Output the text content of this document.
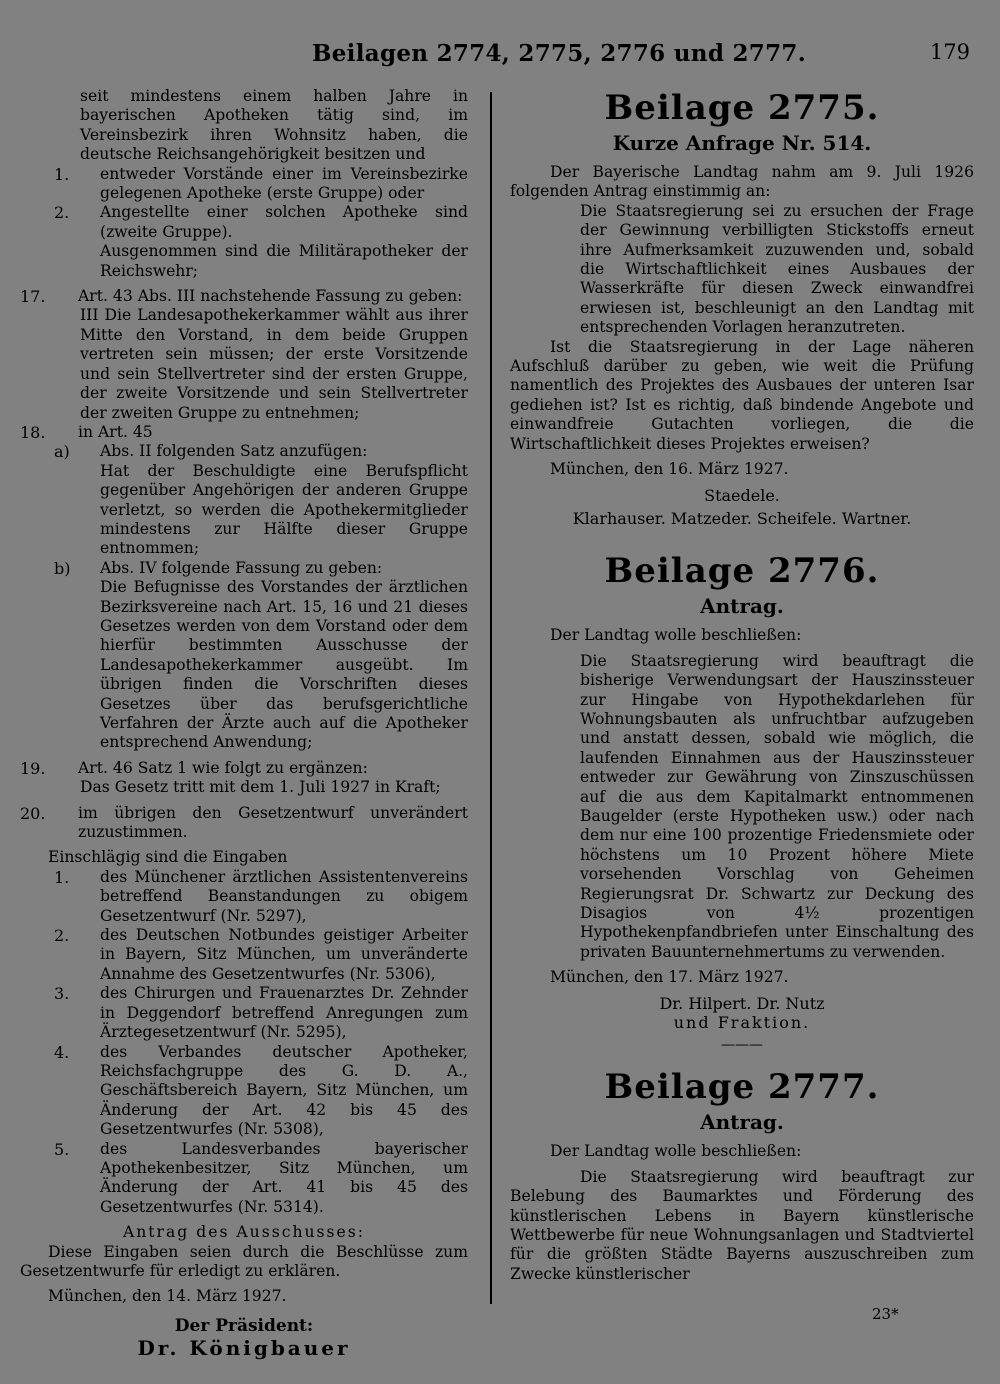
Beilagen 2774, 2775, 2776 und 2777.	179

seit mindestens einem halben Jahre in bayerischen Apotheken tätig sind, im Vereinsbezirk ihren Wohnsitz haben, die deutsche Reichsangehörigkeit besitzen und

1. entweder Vorstände einer im Vereinsbezirke gelegenen Apotheke (erste Gruppe) oder

2. Angestellte einer solchen Apotheke sind (zweite Gruppe).

Ausgenommen sind die Militärapotheker der Reichswehr;

17. Art. 43 Abs. III nachstehende Fassung zu geben:

III Die Landesapothekerkammer wählt aus ihrer Mitte den Vorstand, in dem beide Gruppen vertreten sein müssen; der erste Vorsitzende und sein Stellvertreter sind der ersten Gruppe, der zweite Vorsitzende und sein Stellvertreter der zweiten Gruppe zu entnehmen;

18. in Art. 45

a) Abs. II folgenden Satz anzufügen:

Hat der Beschuldigte eine Berufspflicht gegenüber Angehörigen der anderen Gruppe verletzt, so werden die Apothekermitglieder mindestens zur Hälfte dieser Gruppe entnommen;

b) Abs. IV folgende Fassung zu geben:

Die Befugnisse des Vorstandes der ärztlichen Bezirksvereine nach Art. 15, 16 und 21 dieses Gesetzes werden von dem Vorstand oder dem hierfür bestimmten Ausschusse der Landesapothekerkammer ausgeübt. Im übrigen finden die Vorschriften dieses Gesetzes über das berufsgerichtliche Verfahren der Ärzte auch auf die Apotheker entsprechend Anwendung;

19. Art. 46 Satz 1 wie folgt zu ergänzen:

Das Gesetz tritt mit dem 1. Juli 1927 in Kraft;

20. im übrigen den Gesetzentwurf unverändert zuzustimmen.

Einschlägig sind die Eingaben

1. des Münchener ärztlichen Assistentenvereins betreffend Beanstandungen zu obigem Gesetzentwurf (Nr. 5297),

2. des Deutschen Notbundes geistiger Arbeiter in Bayern, Sitz München, um unveränderte Annahme des Gesetzentwurfes (Nr. 5306),

3. des Chirurgen und Frauenarztes Dr. Zehnder in Deggendorf betreffend Anregungen zum Ärztegesetzentwurf (Nr. 5295),

4. des Verbandes deutscher Apotheker, Reichsfachgruppe des G. D. A., Geschäftsbereich Bayern, Sitz München, um Änderung der Art. 42 bis 45 des Gesetzentwurfes (Nr. 5308),

5. des Landesverbandes bayerischer Apothekenbesitzer, Sitz München, um Änderung der Art. 41 bis 45 des Gesetzentwurfes (Nr. 5314).

Antrag des Ausschusses:

Diese Eingaben seien durch die Beschlüsse zum Gesetzentwurfe für erledigt zu erklären.

München, den 14. März 1927.

Der Präsident:

Dr. Königbauer

Beilage 2775.
Kurze Anfrage Nr. 514.

Der Bayerische Landtag nahm am 9. Juli 1926 folgenden Antrag einstimmig an:

Die Staatsregierung sei zu ersuchen der Frage der Gewinnung verbilligten Stickstoffs erneut ihre Aufmerksamkeit zuzuwenden und, sobald die Wirtschaftlichkeit eines Ausbaues der Wasserkräfte für diesen Zweck einwandfrei erwiesen ist, beschleunigt an den Landtag mit entsprechenden Vorlagen heranzutreten.

Ist die Staatsregierung in der Lage näheren Aufschluß darüber zu geben, wie weit die Prüfung namentlich des Projektes des Ausbaues der unteren Isar gediehen ist? Ist es richtig, daß bindende Angebote und einwandfreie Gutachten vorliegen, die die Wirtschaftlichkeit dieses Projektes erweisen?

München, den 16. März 1927.

Staedele.

Klarhauser. Matzeder. Scheifele. Wartner.

Beilage 2776.
Antrag.

Der Landtag wolle beschließen:

Die Staatsregierung wird beauftragt die bisherige Verwendungsart der Hauszinssteuer zur Hingabe von Hypothekdarlehen für Wohnungsbauten als unfruchtbar aufzugeben und anstatt dessen, sobald wie möglich, die laufenden Einnahmen aus der Hauszinssteuer entweder zur Gewährung von Zinszuschüssen auf die aus dem Kapitalmarkt entnommenen Baugelder (erste Hypotheken usw.) oder nach dem nur eine 100 prozentige Friedensmiete oder höchstens um 10 Prozent höhere Miete vorsehenden Vorschlag von Geheimen Regierungsrat Dr. Schwartz zur Deckung des Disagios von 4½ prozentigen Hypothekenpfandbriefen unter Einschaltung des privaten Bauunternehmertums zu verwenden.

München, den 17. März 1927.

Dr. Hilpert. Dr. Nutz

und Fraktion.

———
Beilage 2777.
Antrag.

Der Landtag wolle beschließen:

Die Staatsregierung wird beauftragt zur Belebung des Baumarktes und Förderung des künstlerischen Lebens in Bayern künstlerische Wettbewerbe für neue Wohnungsanlagen und Stadtviertel für die größten Städte Bayerns auszuschreiben zum Zwecke künstlerischer

23*
